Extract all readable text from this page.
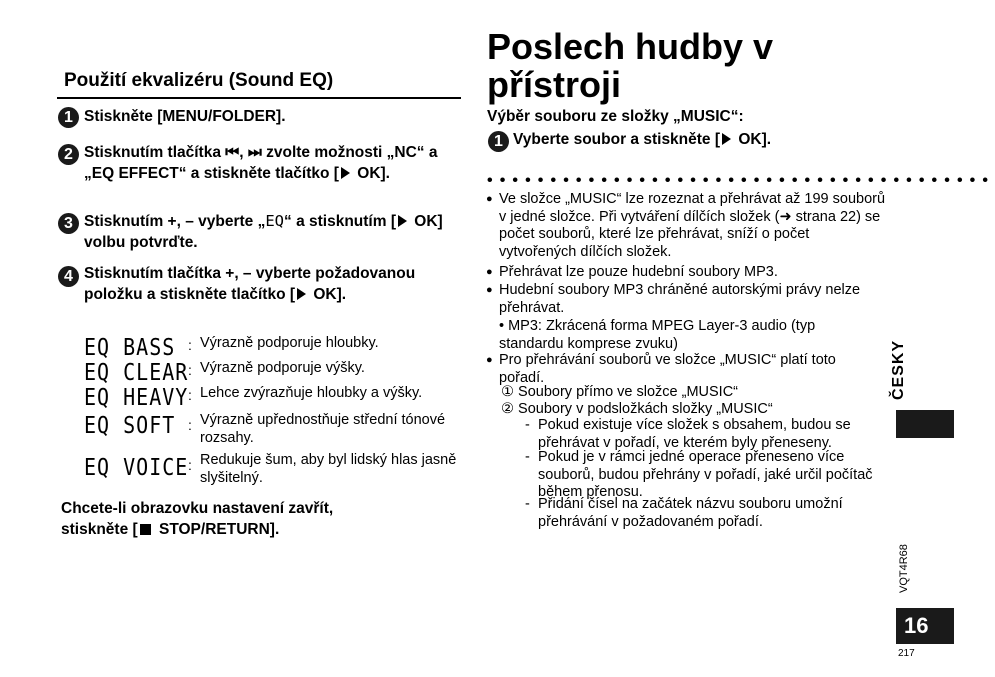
Použití ekvalizéru (Sound EQ)
1 Stiskněte [MENU/FOLDER].
2 Stisknutím tlačítka ⏮, ⏭ zvolte možnosti „NC“ a „EQ EFFECT“ a stiskněte tlačítko [ OK].
3 Stisknutím +, – vyberte „EQ“ a stisknutím [ OK] volbu potvrďte.
4 Stisknutím tlačítka +, – vyberte požadovanou položku a stiskněte tlačítko [ OK].
EQ BASS : Výrazně podporuje hloubky.
EQ CLEAR : Výrazně podporuje výšky.
EQ HEAVY : Lehce zvýrazňuje hloubky a výšky.
EQ SOFT : Výrazně upřednostňuje střední tónové rozsahy.
EQ VOICE : Redukuje šum, aby byl lidský hlas jasně slyšitelný.
Chcete-li obrazovku nastavení zavřít,
stiskněte [ STOP/RETURN].
Poslech hudby v přístroji
Výběr souboru ze složky „MUSIC“:
1 Vyberte soubor a stiskněte [ OK].
••••••••••••••••••••••••••••••••••••••••
● Ve složce „MUSIC“ lze rozeznat a přehrávat až 199 souborů v jedné složce. Při vytváření dílčích složek (➜ strana 22) se počet souborů, které lze přehrávat, sníží o počet vytvořených dílčích složek.
● Přehrávat lze pouze hudební soubory MP3.
● Hudební soubory MP3 chráněné autorskými právy nelze přehrávat.
• MP3: Zkrácená forma MPEG Layer-3 audio (typ standardu komprese zvuku)
● Pro přehrávání souborů ve složce „MUSIC“ platí toto pořadí.
① Soubory přímo ve složce „MUSIC“
② Soubory v podsložkách složky „MUSIC“
- Pokud existuje více složek s obsahem, budou se přehrávat v pořadí, ve kterém byly přeneseny.
- Pokud je v rámci jedné operace přeneseno více souborů, budou přehrány v pořadí, jaké určil počítač během přenosu.
- Přidání čísel na začátek názvu souboru umožní přehrávání v požadovaném pořadí.
ČESKY
VQT4R68
16
217
